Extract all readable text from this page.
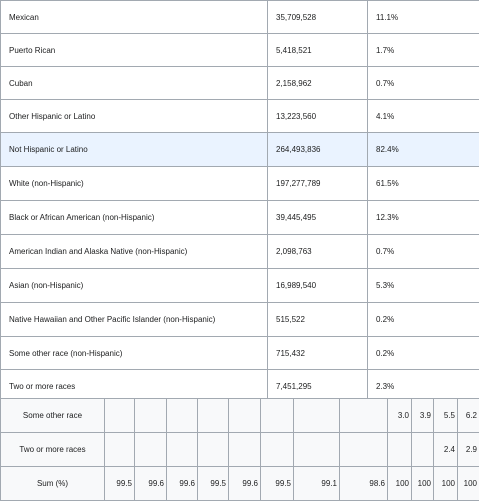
Mexican	35,709,528	11.1%
Puerto Rican	5,418,521	1.7%
Cuban	2,158,962	0.7%
Other Hispanic or Latino	13,223,560	4.1%
Not Hispanic or Latino	264,493,836	82.4%
White (non-Hispanic)	197,277,789	61.5%
Black or African American (non-Hispanic)	39,445,495	12.3%
American Indian and Alaska Native (non-Hispanic)	2,098,763	0.7%
Asian (non-Hispanic)	16,989,540	5.3%
Native Hawaiian and Other Pacific Islander (non-Hispanic)	515,522	0.2%
Some other race (non-Hispanic)	715,432	0.2%
Two or more races	7,451,295	2.3%
Some other race									3.0	3.9	5.5	6.2
Two or more races											2.4	2.9
Sum (%)	99.5	99.6	99.6	99.5	99.6	99.5	99.1	98.6	100	100	100	100
